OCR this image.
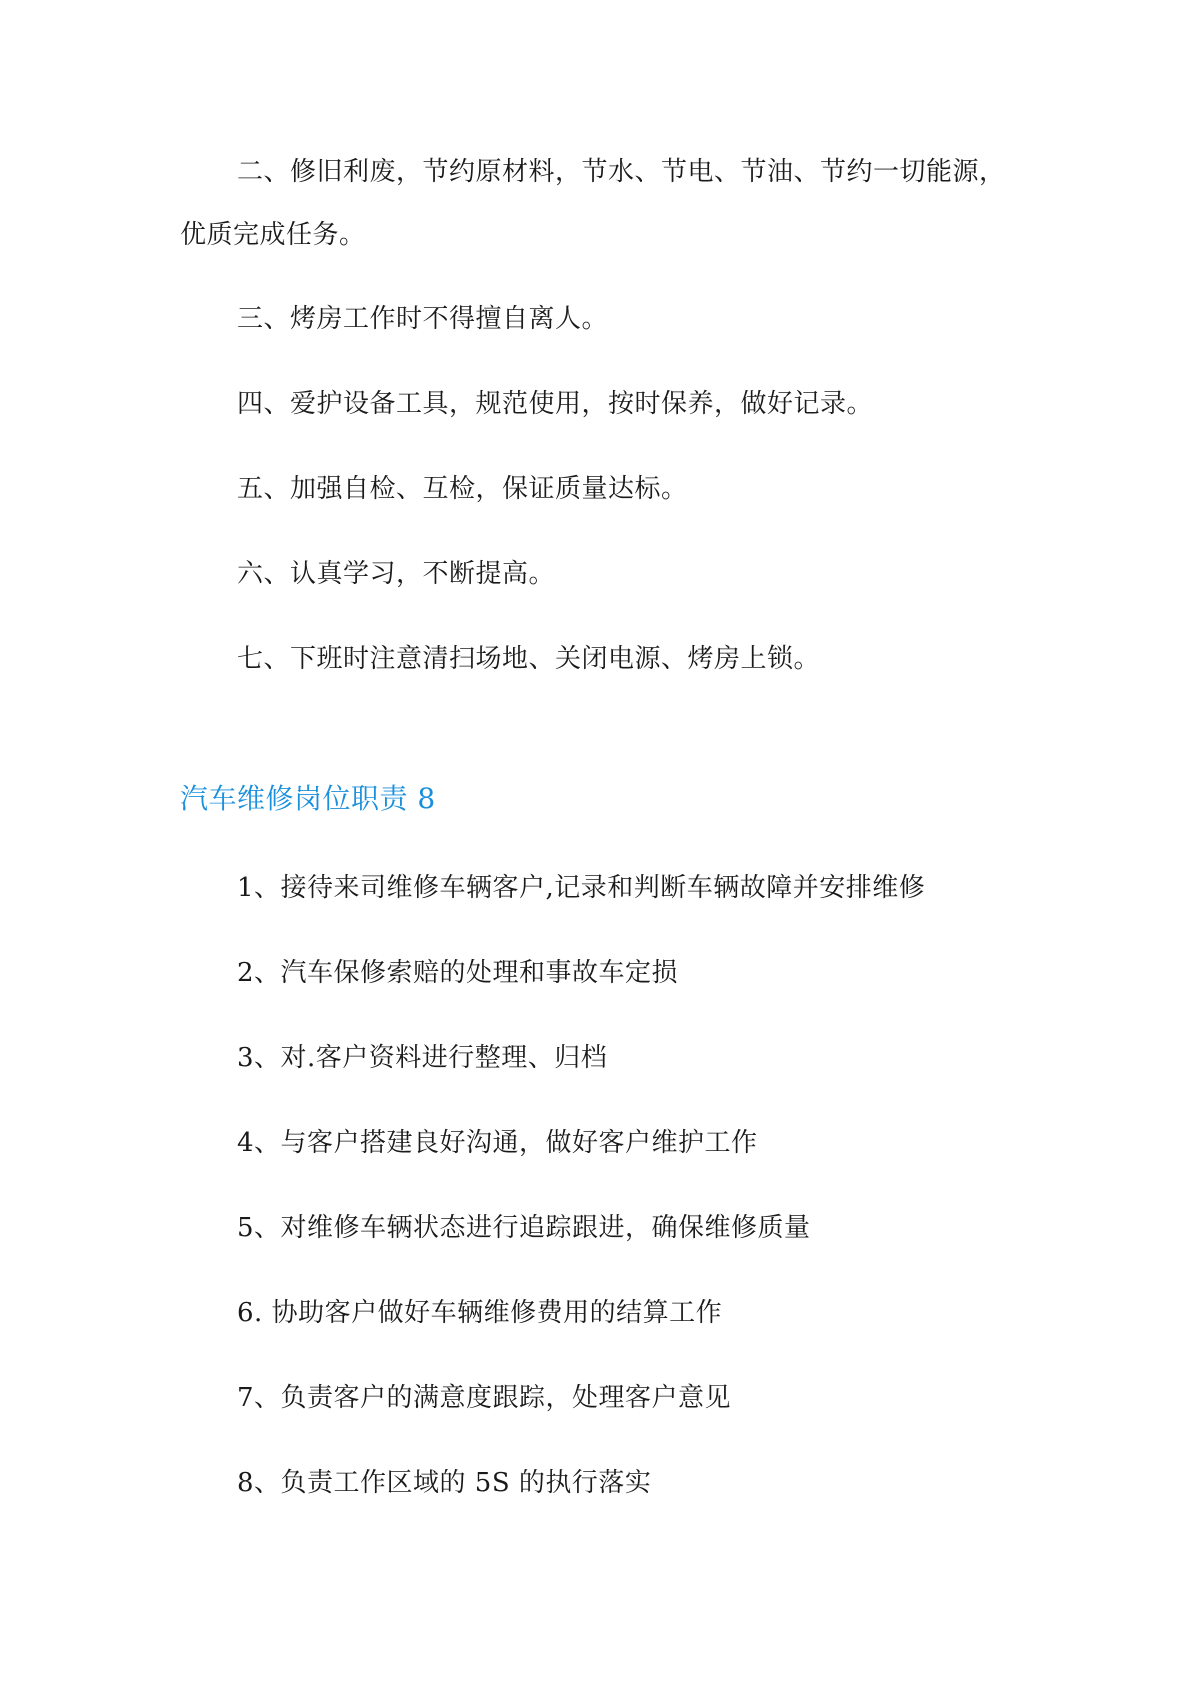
二、修旧利废，节约原材料，节水、节电、节油、节约一切能源，
优质完成任务。
三、烤房工作时不得擅自离人。
四、爱护设备工具，规范使用，按时保养，做好记录。
五、加强自检、互检，保证质量达标。
六、认真学习，不断提高。
七、下班时注意清扫场地、关闭电源、烤房上锁。
汽车维修岗位职责 8
1、接待来司维修车辆客户,记录和判断车辆故障并安排维修
2、汽车保修索赔的处理和事故车定损
3、对.客户资料进行整理、归档
4、与客户搭建良好沟通，做好客户维护工作
5、对维修车辆状态进行追踪跟进，确保维修质量
6. 协助客户做好车辆维修费用的结算工作
7、负责客户的满意度跟踪，处理客户意见
8、负责工作区域的 5S 的执行落实
